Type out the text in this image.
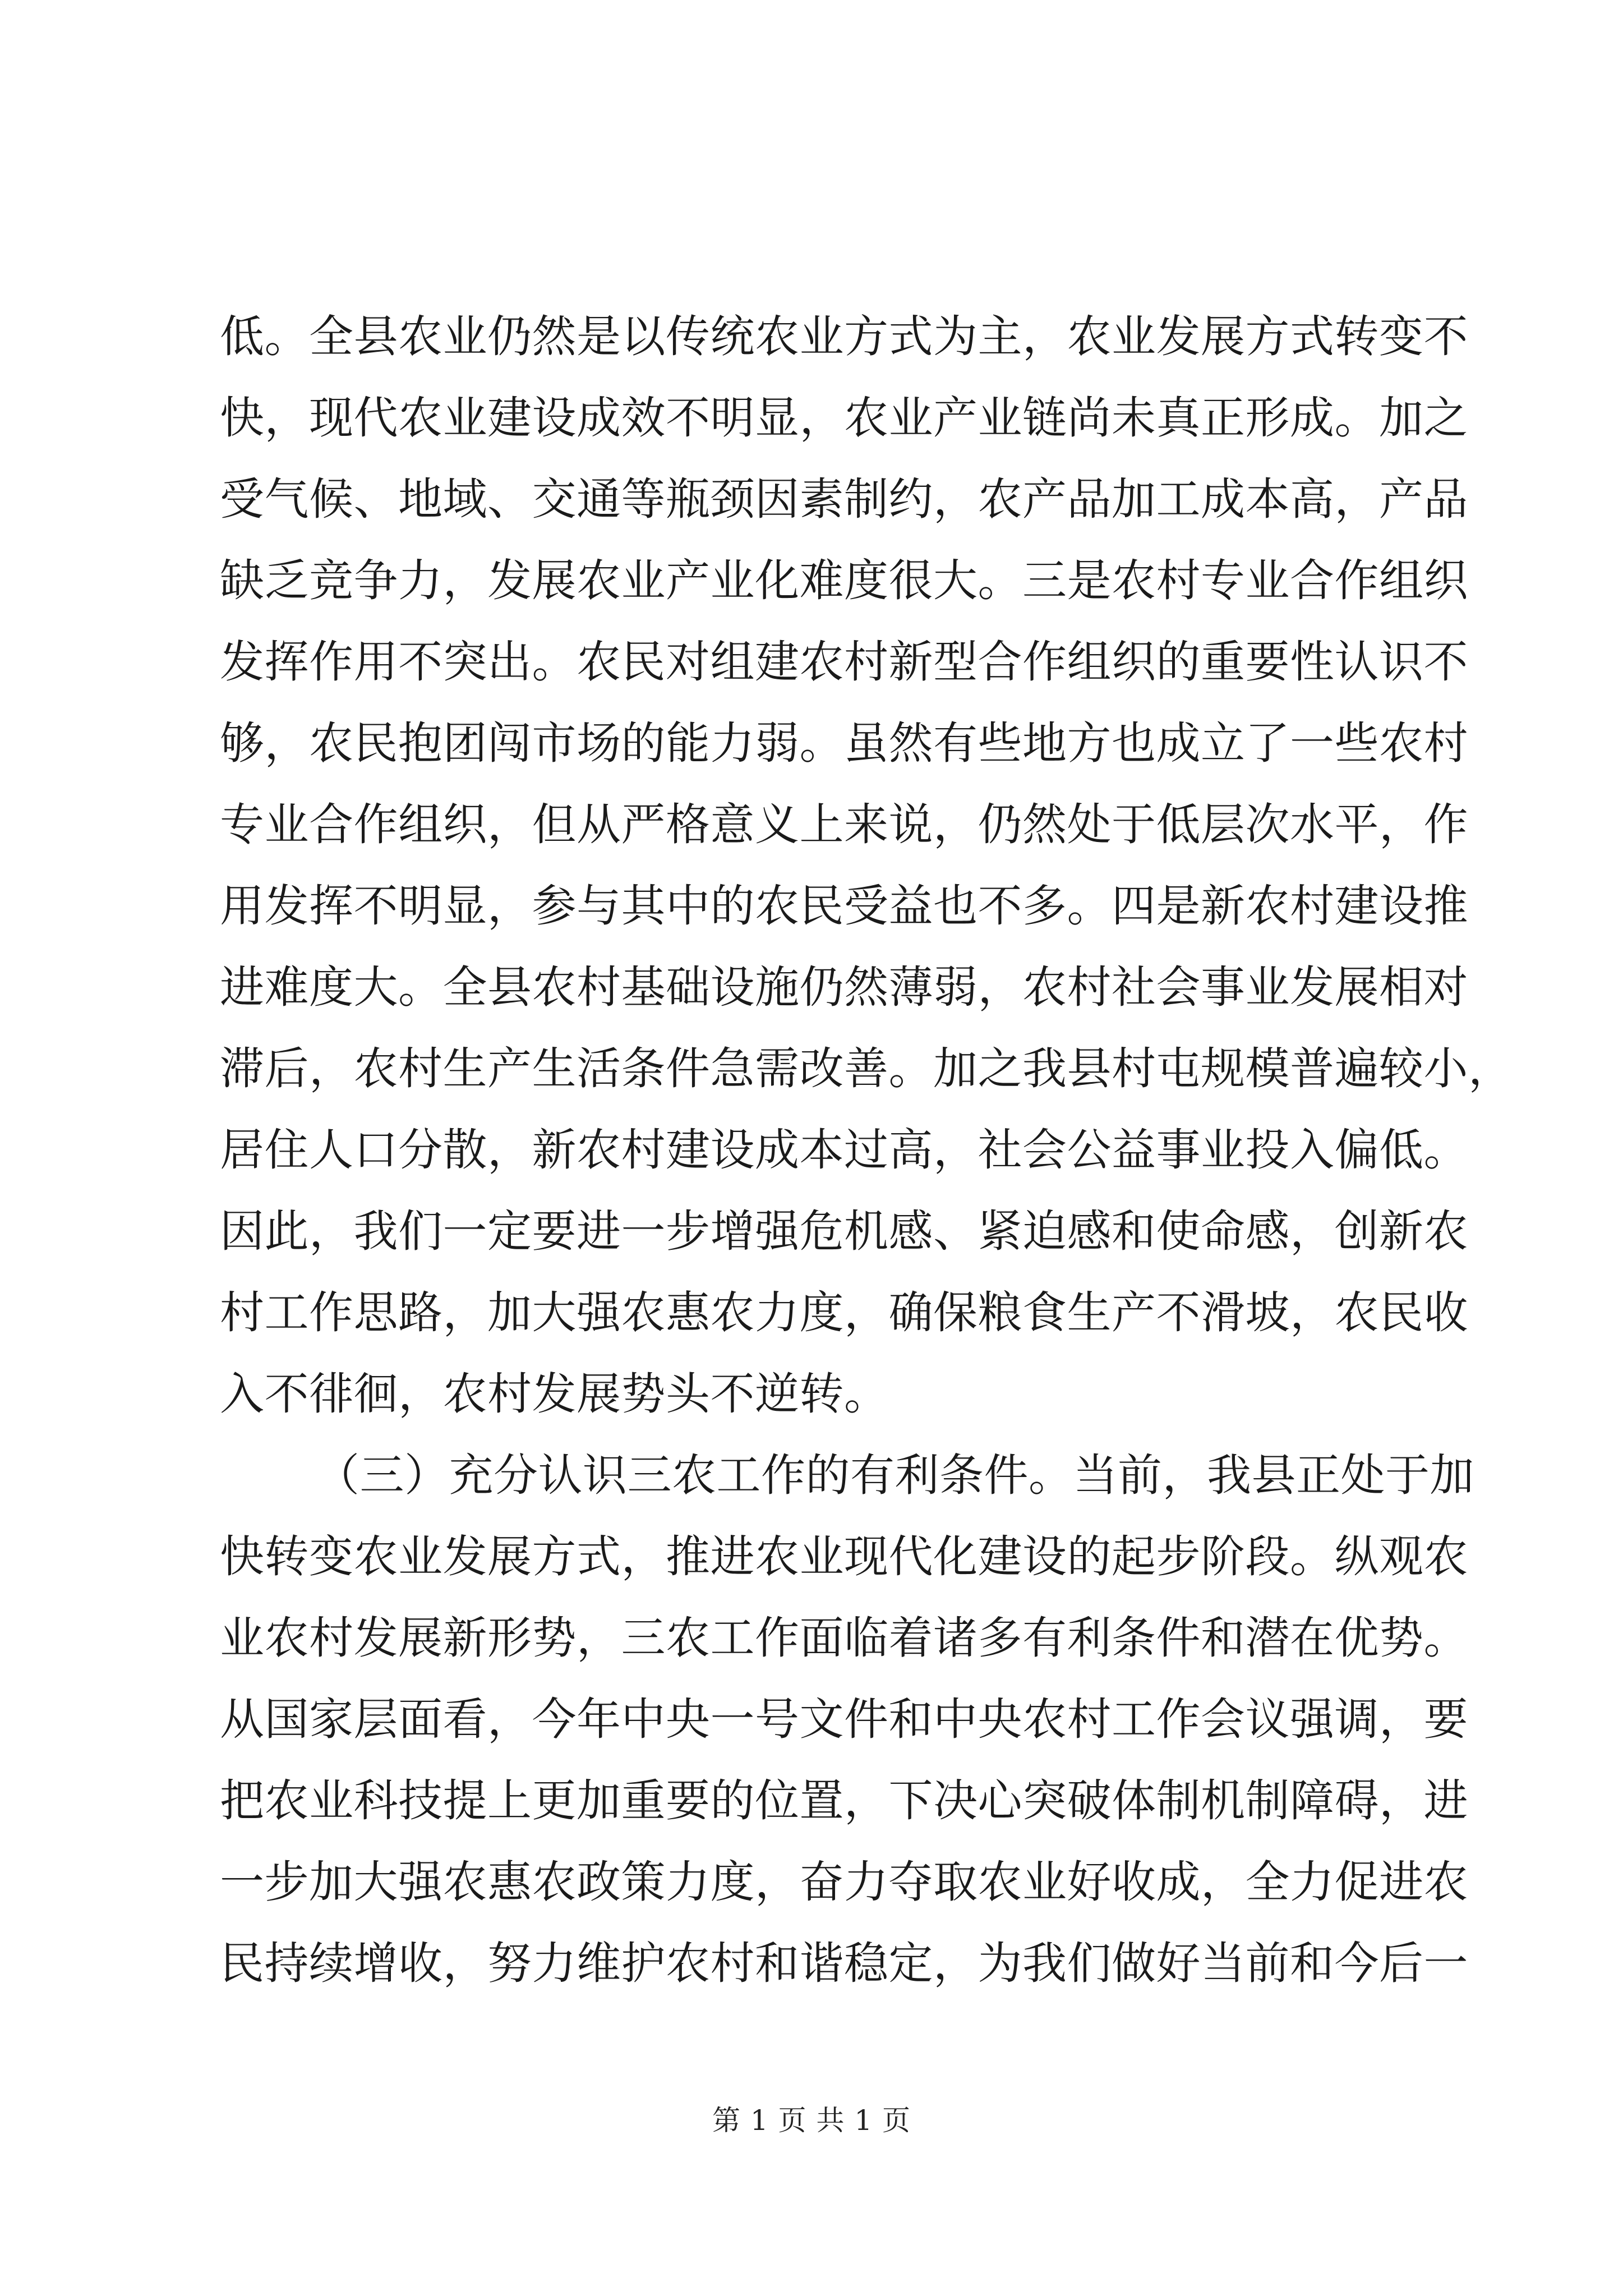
低。全县农业仍然是以传统农业方式为主，农业发展方式转变不
快，现代农业建设成效不明显，农业产业链尚未真正形成。加之
受气候、地域、交通等瓶颈因素制约，农产品加工成本高，产品
缺乏竞争力，发展农业产业化难度很大。三是农村专业合作组织
发挥作用不突出。农民对组建农村新型合作组织的重要性认识不
够，农民抱团闯市场的能力弱。虽然有些地方也成立了一些农村
专业合作组织，但从严格意义上来说，仍然处于低层次水平，作
用发挥不明显，参与其中的农民受益也不多。四是新农村建设推
进难度大。全县农村基础设施仍然薄弱，农村社会事业发展相对
滞后，农村生产生活条件急需改善。加之我县村屯规模普遍较小，
居住人口分散，新农村建设成本过高，社会公益事业投入偏低。
因此，我们一定要进一步增强危机感、紧迫感和使命感，创新农
村工作思路，加大强农惠农力度，确保粮食生产不滑坡，农民收
入不徘徊，农村发展势头不逆转。
（三）充分认识三农工作的有利条件。当前，我县正处于加
快转变农业发展方式，推进农业现代化建设的起步阶段。纵观农
业农村发展新形势，三农工作面临着诸多有利条件和潜在优势。
从国家层面看，今年中央一号文件和中央农村工作会议强调，要
把农业科技提上更加重要的位置，下决心突破体制机制障碍，进
一步加大强农惠农政策力度，奋力夺取农业好收成，全力促进农
民持续增收，努力维护农村和谐稳定，为我们做好当前和今后一
第 1 页 共 1 页
